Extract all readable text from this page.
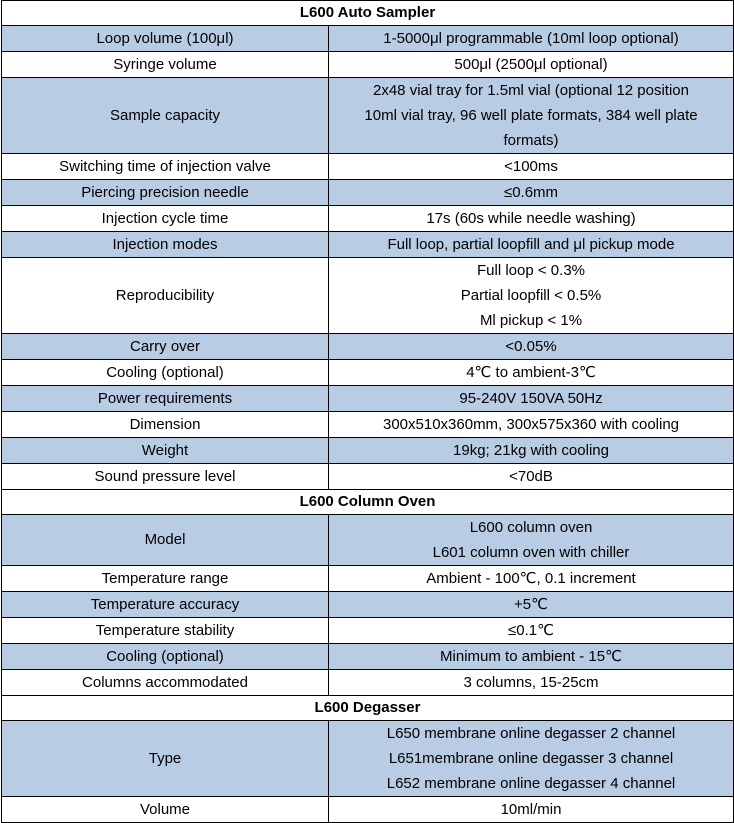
L600 Auto Sampler	
Loop volume (100μl)	1-5000μl programmable (10ml loop optional)

Syringe volume	500μl (2500μl optional)

Sample capacity	2x48 vial tray for 1.5ml vial (optional 12 position
10ml vial tray, 96 well plate formats, 384 well plate
formats)

Switching time of injection valve	<100ms

Piercing precision needle	≤0.6mm

Injection cycle time	17s (60s while needle washing)

Injection modes	Full loop, partial loopfill and μl pickup mode

Reproducibility	Full loop < 0.3%
Partial loopfill < 0.5%
Ml pickup < 1%

Carry over	<0.05%

Cooling (optional)	4℃ to ambient-3℃

Power requirements	95-240V 150VA 50Hz

Dimension	300x510x360mm, 300x575x360 with cooling

Weight	19kg; 21kg with cooling

Sound pressure level	<70dB

L600 Column Oven	
Model	L600 column oven
L601 column oven with chiller

Temperature range	Ambient - 100℃, 0.1 increment

Temperature accuracy	+5℃

Temperature stability	≤0.1℃

Cooling (optional)	Minimum to ambient - 15℃

Columns accommodated	3 columns, 15-25cm

L600 Degasser	
Type	L650 membrane online degasser 2 channel
L651membrane online degasser 3 channel
L652 membrane online degasser 4 channel

Volume	10ml/min
